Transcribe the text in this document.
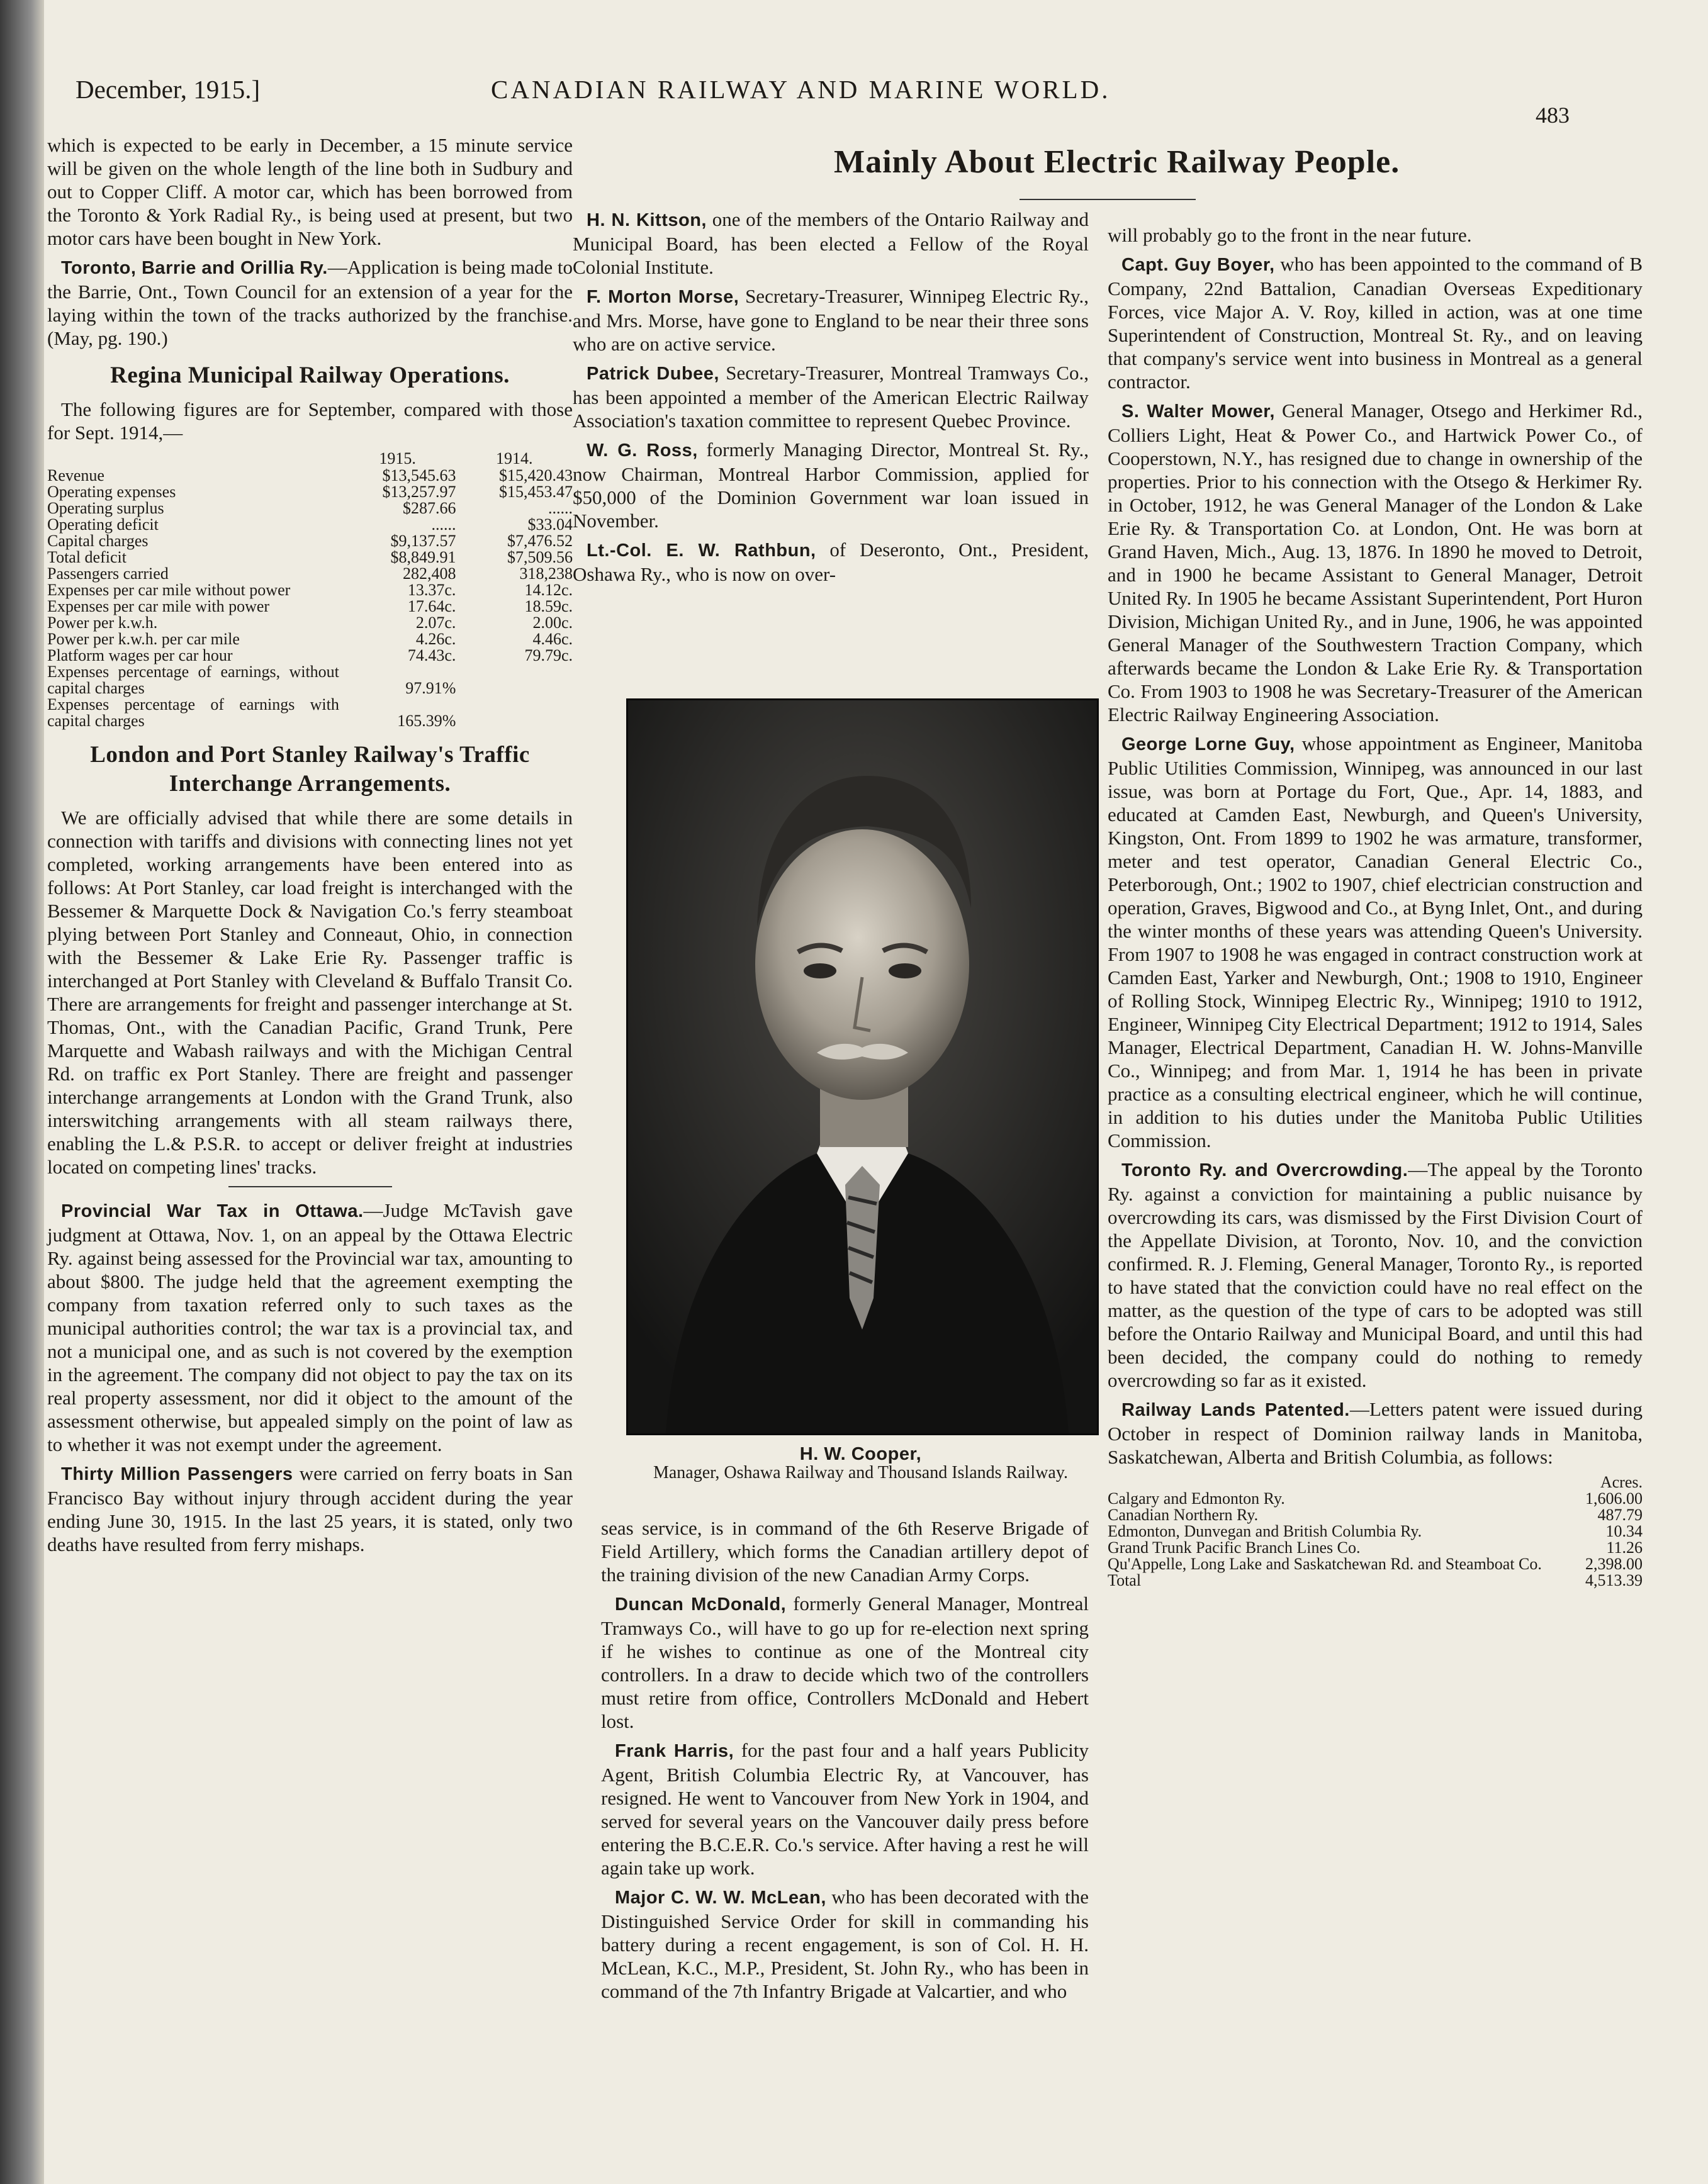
December, 1915.]	CANADIAN RAILWAY AND MARINE WORLD.
483

which is expected to be early in December, a 15 minute service will be given on the whole length of the line both in Sudbury and out to Copper Cliff. A motor car, which has been borrowed from the Toronto & York Radial Ry., is being used at present, but two motor cars have been bought in New York.

Toronto, Barrie and Orillia Ry.—Application is being made to the Barrie, Ont., Town Council for an extension of a year for the laying within the town of the tracks authorized by the franchise. (May, pg. 190.)

Regina Municipal Railway Operations.

The following figures are for September, compared with those for Sept. 1914,—

	1915.	1914.
Revenue	$13,545.63	$15,420.43
Operating expenses	$13,257.97	$15,453.47
Operating surplus	$287.66	......
Operating deficit	......	$33.04
Capital charges	$9,137.57	$7,476.52
Total deficit	$8,849.91	$7,509.56
Passengers carried	282,408	318,238
Expenses per car mile without power	13.37c.	14.12c.
Expenses per car mile with power	17.64c.	18.59c.
Power per k.w.h.	2.07c.	2.00c.
Power per k.w.h. per car mile	4.26c.	4.46c.
Platform wages per car hour	74.43c.	79.79c.
Expenses percentage of earnings, without capital charges	97.91%	
Expenses percentage of earnings with capital charges	165.39%	
London and Port Stanley Railway's Traffic Interchange Arrangements.

We are officially advised that while there are some details in connection with tariffs and divisions with connecting lines not yet completed, working arrangements have been entered into as follows: At Port Stanley, car load freight is interchanged with the Bessemer & Marquette Dock & Navigation Co.'s ferry steamboat plying between Port Stanley and Conneaut, Ohio, in connection with the Bessemer & Lake Erie Ry. Passenger traffic is interchanged at Port Stanley with Cleveland & Buffalo Transit Co. There are arrangements for freight and passenger interchange at St. Thomas, Ont., with the Canadian Pacific, Grand Trunk, Pere Marquette and Wabash railways and with the Michigan Central Rd. on traffic ex Port Stanley. There are freight and passenger interchange arrangements at London with the Grand Trunk, also interswitching arrangements with all steam railways there, enabling the L.& P.S.R. to accept or deliver freight at industries located on competing lines' tracks.

Provincial War Tax in Ottawa.—Judge McTavish gave judgment at Ottawa, Nov. 1, on an appeal by the Ottawa Electric Ry. against being assessed for the Provincial war tax, amounting to about $800. The judge held that the agreement exempting the company from taxation referred only to such taxes as the municipal authorities control; the war tax is a provincial tax, and not a municipal one, and as such is not covered by the exemption in the agreement. The company did not object to pay the tax on its real property assessment, nor did it object to the amount of the assessment otherwise, but appealed simply on the point of law as to whether it was not exempt under the agreement.

Thirty Million Passengers were carried on ferry boats in San Francisco Bay without injury through accident during the year ending June 30, 1915. In the last 25 years, it is stated, only two deaths have resulted from ferry mishaps.

Mainly About Electric Railway People.

H. N. Kittson, one of the members of the Ontario Railway and Municipal Board, has been elected a Fellow of the Royal Colonial Institute.

F. Morton Morse, Secretary-Treasurer, Winnipeg Electric Ry., and Mrs. Morse, have gone to England to be near their three sons who are on active service.

Patrick Dubee, Secretary-Treasurer, Montreal Tramways Co., has been appointed a member of the American Electric Railway Association's taxation committee to represent Quebec Province.

W. G. Ross, formerly Managing Director, Montreal St. Ry., now Chairman, Montreal Harbor Commission, applied for $50,000 of the Dominion Government war loan issued in November.

Lt.-Col. E. W. Rathbun, of Deseronto, Ont., President, Oshawa Ry., who is now on over-

H. W. Cooper,
Manager, Oshawa Railway and Thousand Islands Railway.

seas service, is in command of the 6th Reserve Brigade of Field Artillery, which forms the Canadian artillery depot of the training division of the new Canadian Army Corps.

Duncan McDonald, formerly General Manager, Montreal Tramways Co., will have to go up for re-election next spring if he wishes to continue as one of the Montreal city controllers. In a draw to decide which two of the controllers must retire from office, Controllers McDonald and Hebert lost.

Frank Harris, for the past four and a half years Publicity Agent, British Columbia Electric Ry, at Vancouver, has resigned. He went to Vancouver from New York in 1904, and served for several years on the Vancouver daily press before entering the B.C.E.R. Co.'s service. After having a rest he will again take up work.

Major C. W. W. McLean, who has been decorated with the Distinguished Service Order for skill in commanding his battery during a recent engagement, is son of Col. H. H. McLean, K.C., M.P., President, St. John Ry., who has been in command of the 7th Infantry Brigade at Valcartier, and who

will probably go to the front in the near future.

Capt. Guy Boyer, who has been appointed to the command of B Company, 22nd Battalion, Canadian Overseas Expeditionary Forces, vice Major A. V. Roy, killed in action, was at one time Superintendent of Construction, Montreal St. Ry., and on leaving that company's service went into business in Montreal as a general contractor.

S. Walter Mower, General Manager, Otsego and Herkimer Rd., Colliers Light, Heat & Power Co., and Hartwick Power Co., of Cooperstown, N.Y., has resigned due to change in ownership of the properties. Prior to his connection with the Otsego & Herkimer Ry. in October, 1912, he was General Manager of the London & Lake Erie Ry. & Transportation Co. at London, Ont. He was born at Grand Haven, Mich., Aug. 13, 1876. In 1890 he moved to Detroit, and in 1900 he became Assistant to General Manager, Detroit United Ry. In 1905 he became Assistant Superintendent, Port Huron Division, Michigan United Ry., and in June, 1906, he was appointed General Manager of the Southwestern Traction Company, which afterwards became the London & Lake Erie Ry. & Transportation Co. From 1903 to 1908 he was Secretary-Treasurer of the American Electric Railway Engineering Association.

George Lorne Guy, whose appointment as Engineer, Manitoba Public Utilities Commission, Winnipeg, was announced in our last issue, was born at Portage du Fort, Que., Apr. 14, 1883, and educated at Camden East, Newburgh, and Queen's University, Kingston, Ont. From 1899 to 1902 he was armature, transformer, meter and test operator, Canadian General Electric Co., Peterborough, Ont.; 1902 to 1907, chief electrician construction and operation, Graves, Bigwood and Co., at Byng Inlet, Ont., and during the winter months of these years was attending Queen's University. From 1907 to 1908 he was engaged in contract construction work at Camden East, Yarker and Newburgh, Ont.; 1908 to 1910, Engineer of Rolling Stock, Winnipeg Electric Ry., Winnipeg; 1910 to 1912, Engineer, Winnipeg City Electrical Department; 1912 to 1914, Sales Manager, Electrical Department, Canadian H. W. Johns-Manville Co., Winnipeg; and from Mar. 1, 1914 he has been in private practice as a consulting electrical engineer, which he will continue, in addition to his duties under the Manitoba Public Utilities Commission.

Toronto Ry. and Overcrowding.—The appeal by the Toronto Ry. against a conviction for maintaining a public nuisance by overcrowding its cars, was dismissed by the First Division Court of the Appellate Division, at Toronto, Nov. 10, and the conviction confirmed. R. J. Fleming, General Manager, Toronto Ry., is reported to have stated that the conviction could have no real effect on the matter, as the question of the type of cars to be adopted was still before the Ontario Railway and Municipal Board, and until this had been decided, the company could do nothing to remedy overcrowding so far as it existed.

Railway Lands Patented.—Letters patent were issued during October in respect of Dominion railway lands in Manitoba, Saskatchewan, Alberta and British Columbia, as follows:

	Acres.
Calgary and Edmonton Ry.	1,606.00
Canadian Northern Ry.	487.79
Edmonton, Dunvegan and British Columbia Ry.	10.34
Grand Trunk Pacific Branch Lines Co.	11.26
Qu'Appelle, Long Lake and Saskatchewan Rd. and Steamboat Co.	2,398.00
Total	4,513.39
